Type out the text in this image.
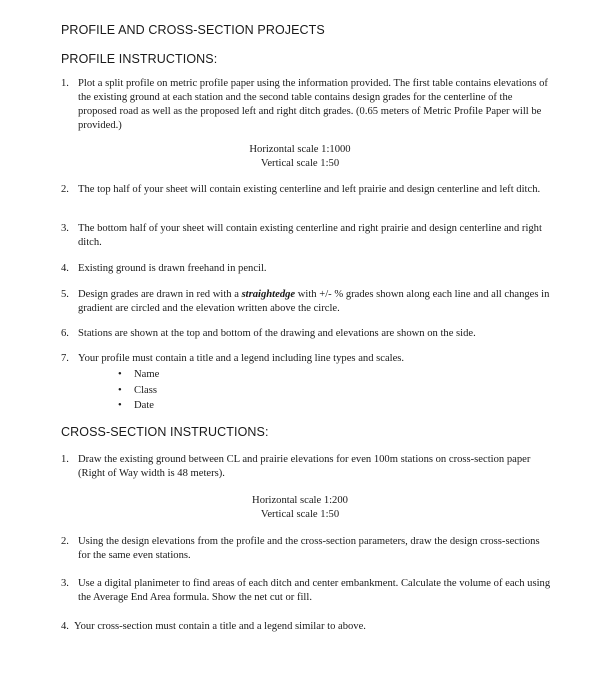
PROFILE AND CROSS-SECTION PROJECTS
PROFILE INSTRUCTIONS:
1. Plot a split profile on metric profile paper using the information provided. The first table contains elevations of the existing ground at each station and the second table contains design grades for the centerline of the proposed road as well as the proposed left and right ditch grades. (0.65 meters of Metric Profile Paper will be provided.)
Horizontal scale 1:1000
Vertical scale 1:50
2. The top half of your sheet will contain existing centerline and left prairie and design centerline and left ditch.
3. The bottom half of your sheet will contain existing centerline and right prairie and design centerline and right ditch.
4. Existing ground is drawn freehand in pencil.
5. Design grades are drawn in red with a straightedge with +/- % grades shown along each line and all changes in gradient are circled and the elevation written above the circle.
6. Stations are shown at the top and bottom of the drawing and elevations are shown on the side.
7. Your profile must contain a title and a legend including line types and scales.
• Name
• Class
• Date
CROSS-SECTION INSTRUCTIONS:
1. Draw the existing ground between CL and prairie elevations for even 100m stations on cross-section paper (Right of Way width is 48 meters).
Horizontal scale 1:200
Vertical scale 1:50
2. Using the design elevations from the profile and the cross-section parameters, draw the design cross-sections for the same even stations.
3. Use a digital planimeter to find areas of each ditch and center embankment. Calculate the volume of each using the Average End Area formula. Show the net cut or fill.
4. Your cross-section must contain a title and a legend similar to above.
